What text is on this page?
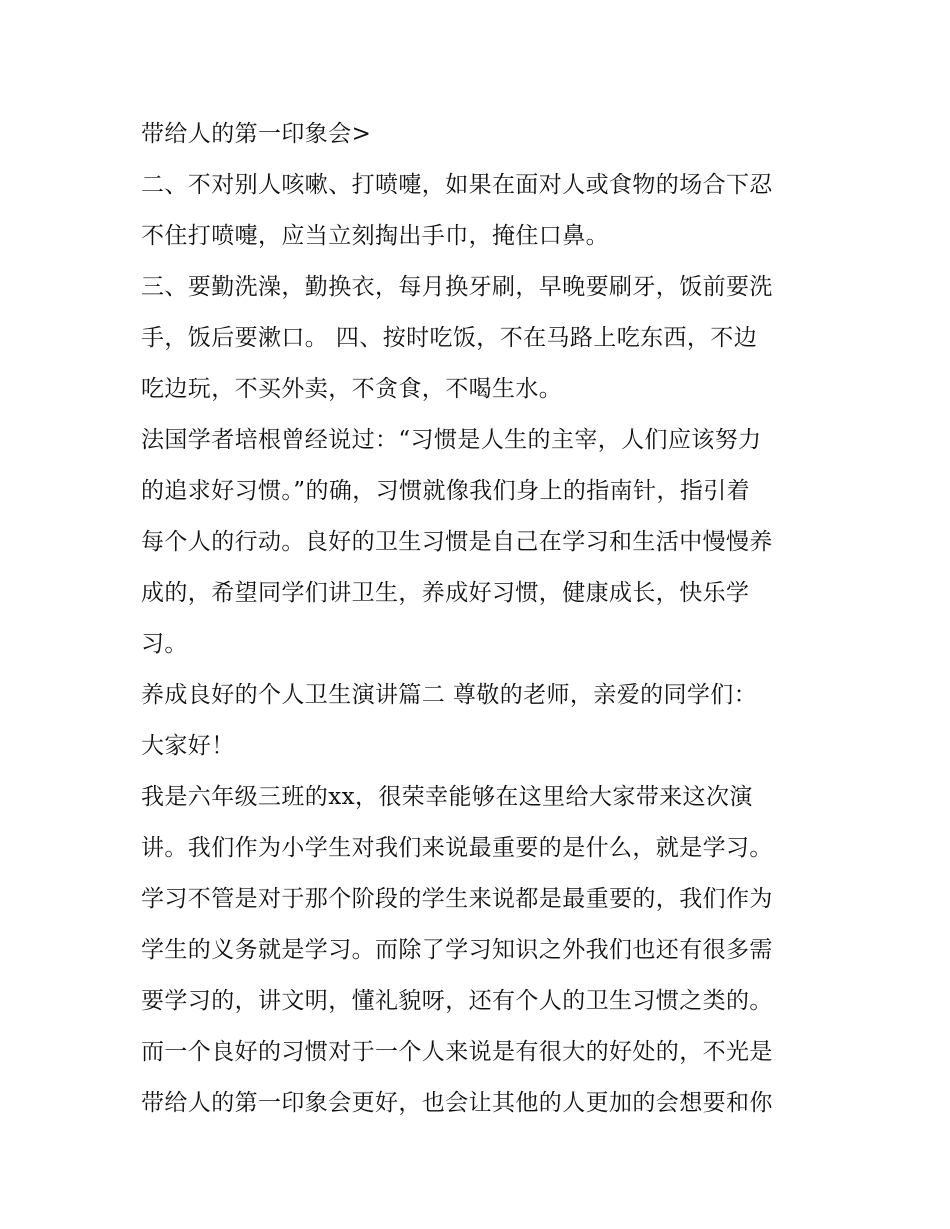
带给人的第一印象会>
二、不对别人咳嗽、打喷嚏，如果在面对人或食物的场合下忍
不住打喷嚏，应当立刻掏出手巾，掩住口鼻。
三、要勤洗澡，勤换衣，每月换牙刷，早晚要刷牙，饭前要洗
手，饭后要漱口。 四、按时吃饭，不在马路上吃东西，不边
吃边玩，不买外卖，不贪食，不喝生水。
法国学者培根曾经说过：“习惯是人生的主宰，人们应该努力
的追求好习惯。”的确，习惯就像我们身上的指南针，指引着
每个人的行动。良好的卫生习惯是自己在学习和生活中慢慢养
成的，希望同学们讲卫生，养成好习惯，健康成长，快乐学
习。
养成良好的个人卫生演讲篇二 尊敬的老师，亲爱的同学们：
大家好！
我是六年级三班的xx，很荣幸能够在这里给大家带来这次演
讲。我们作为小学生对我们来说最重要的是什么，就是学习。
学习不管是对于那个阶段的学生来说都是最重要的，我们作为
学生的义务就是学习。而除了学习知识之外我们也还有很多需
要学习的，讲文明，懂礼貌呀，还有个人的卫生习惯之类的。
而一个良好的习惯对于一个人来说是有很大的好处的，不光是
带给人的第一印象会更好，也会让其他的人更加的会想要和你
